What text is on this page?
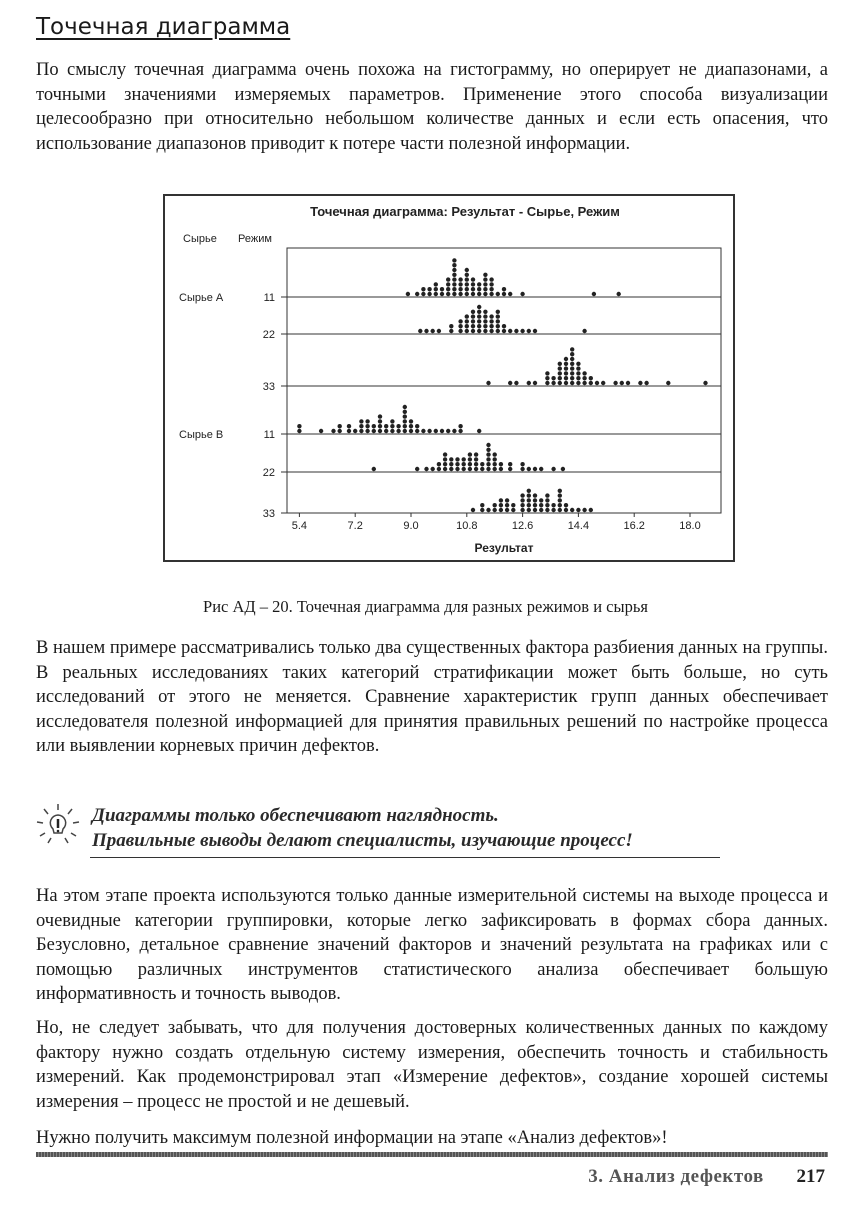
Точечная диаграмма

По смыслу точечная диаграмма очень похожа на гистограмму, но оперирует не диапазонами, а точными значениями измеряемых параметров. Применение этого способа визуализации целесообразно при относительно небольшом количестве данных и если есть опасения, что использование диапазонов приводит к потере части полезной информации.

Точечная диаграмма: Результат - Сырье, Режим
Сырье Режим
Сырье А	11
22
33
Сырье B	11
22
33
5.4	7.2	9.0	10.8	12.6	14.4	16.2	18.0
Результат

Рис АД – 20. Точечная диаграмма для разных режимов и сырья

В нашем примере рассматривались только два существенных фактора разбиения данных на группы. В реальных исследованиях таких категорий стратификации может быть больше, но суть исследований от этого не меняется. Сравнение характеристик групп данных обеспечивает исследователя полезной информацией для принятия правильных решений по настройке процесса или выявлении корневых причин дефектов.

Диаграммы только обеспечивают наглядность.
Правильные выводы делают специалисты, изучающие процесс!

На этом этапе проекта используются только данные измерительной системы на выходе процесса и очевидные категории группировки, которые легко зафиксировать в формах сбора данных. Безусловно, детальное сравнение значений факторов и значений результата на графиках или с помощью различных инструментов статистического анализа обеспечивает большую информативность и точность выводов.

Но, не следует забывать, что для получения достоверных количественных данных по каждому фактору нужно создать отдельную систему измерения, обеспечить точность и стабильность измерений. Как продемонстрировал этап «Измерение дефектов», создание хорошей системы измерения – процесс не простой и не дешевый.

Нужно получить максимум полезной информации на этапе «Анализ дефектов»!

3. Анализ дефектов 217
